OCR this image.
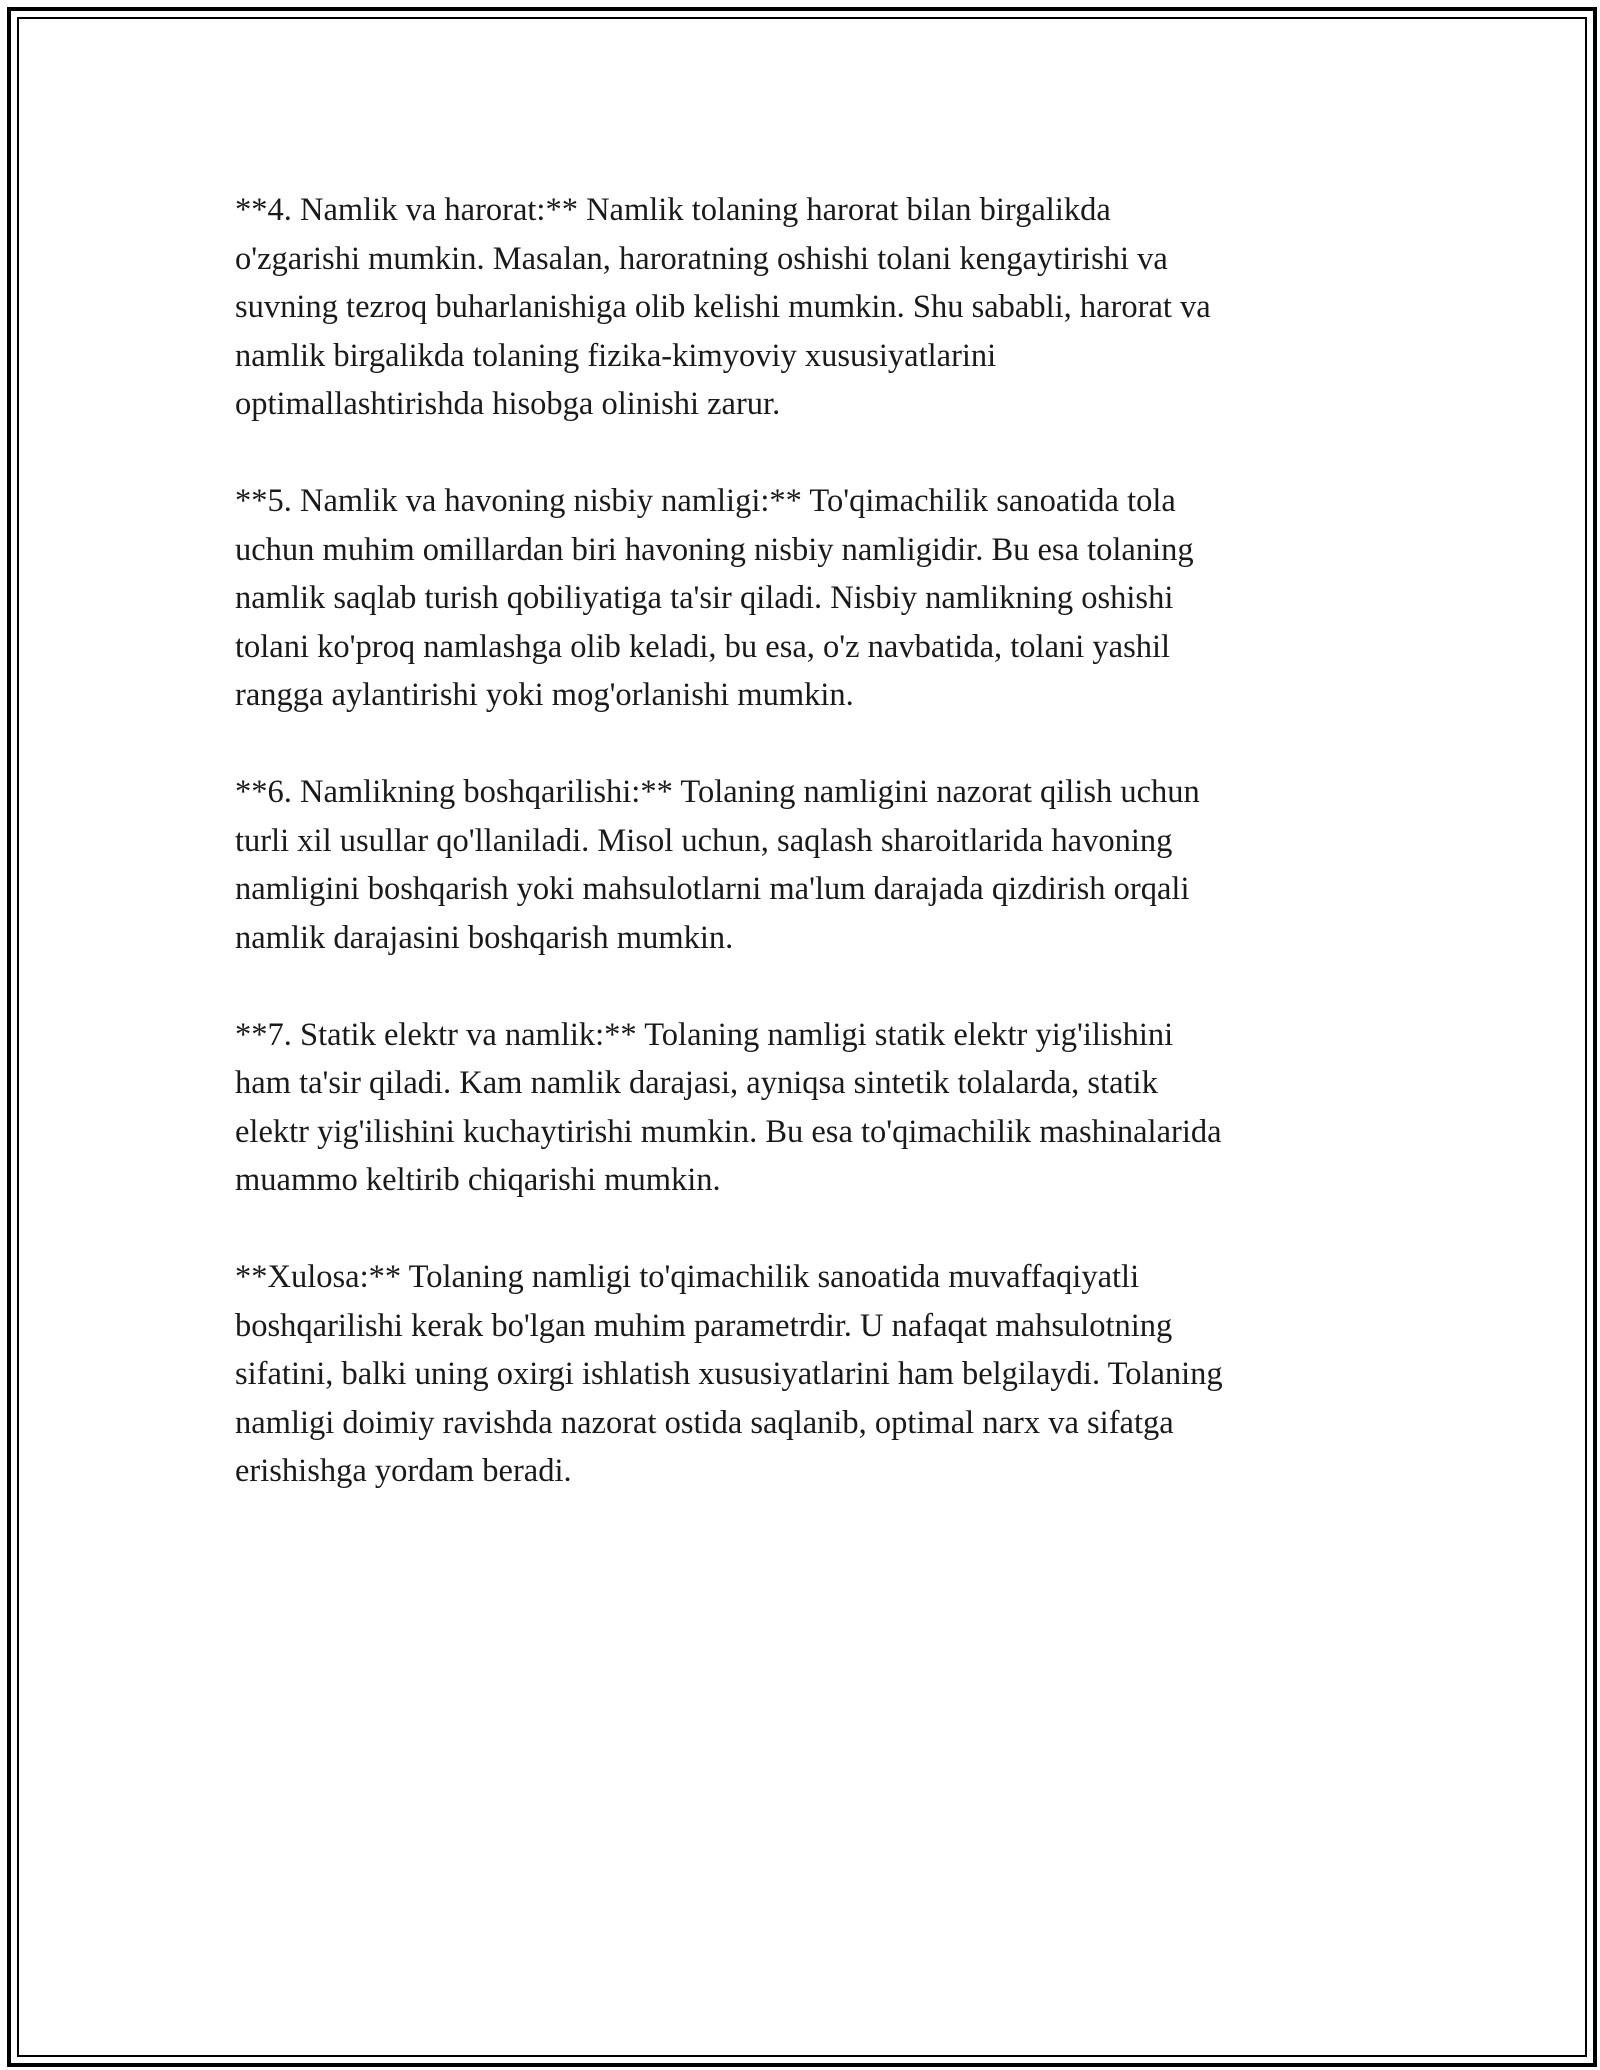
**4. Namlik va harorat:** Namlik tolaning harorat bilan birgalikda
o'zgarishi mumkin. Masalan, haroratning oshishi tolani kengaytirishi va
suvning tezroq buharlanishiga olib kelishi mumkin. Shu sababli, harorat va
namlik birgalikda tolaning fizika-kimyoviy xususiyatlarini
optimallashtirishda hisobga olinishi zarur.

**5. Namlik va havoning nisbiy namligi:** To'qimachilik sanoatida tola
uchun muhim omillardan biri havoning nisbiy namligidir. Bu esa tolaning
namlik saqlab turish qobiliyatiga ta'sir qiladi. Nisbiy namlikning oshishi
tolani ko'proq namlashga olib keladi, bu esa, o'z navbatida, tolani yashil
rangga aylantirishi yoki mog'orlanishi mumkin.

**6. Namlikning boshqarilishi:** Tolaning namligini nazorat qilish uchun
turli xil usullar qo'llaniladi. Misol uchun, saqlash sharoitlarida havoning
namligini boshqarish yoki mahsulotlarni ma'lum darajada qizdirish orqali
namlik darajasini boshqarish mumkin.

**7. Statik elektr va namlik:** Tolaning namligi statik elektr yig'ilishini
ham ta'sir qiladi. Kam namlik darajasi, ayniqsa sintetik tolalarda, statik
elektr yig'ilishini kuchaytirishi mumkin. Bu esa to'qimachilik mashinalarida
muammo keltirib chiqarishi mumkin.

**Xulosa:** Tolaning namligi to'qimachilik sanoatida muvaffaqiyatli
boshqarilishi kerak bo'lgan muhim parametrdir. U nafaqat mahsulotning
sifatini, balki uning oxirgi ishlatish xususiyatlarini ham belgilaydi. Tolaning
namligi doimiy ravishda nazorat ostida saqlanib, optimal narx va sifatga
erishishga yordam beradi.
